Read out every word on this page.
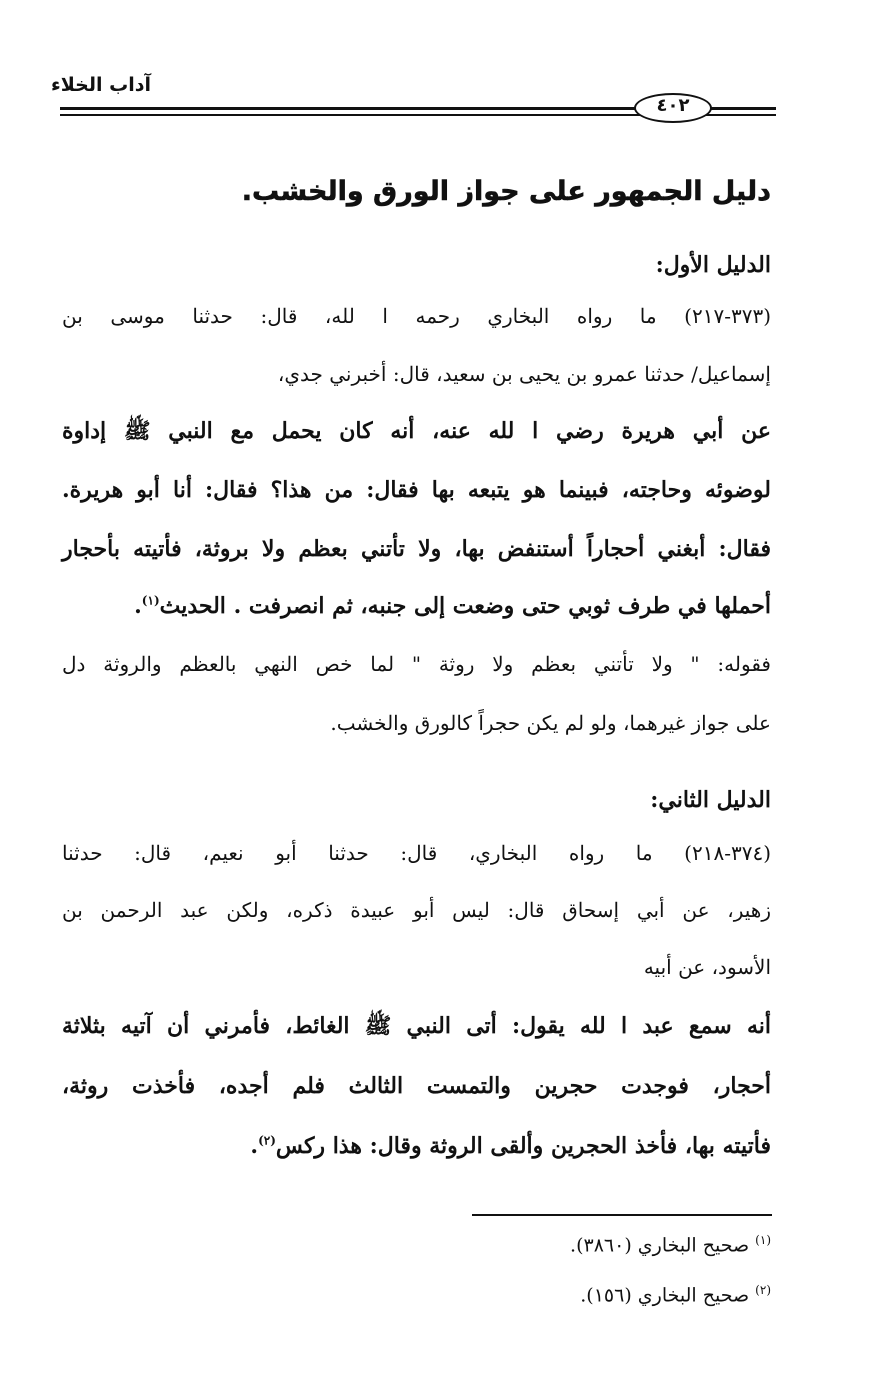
آداب الخلاء
٤٠٢
دليل الجمهور على جواز الورق والخشب.
الدليل الأول:
(٣٧٣-٢١٧) ما رواه البخاري رحمه ا لله، قال: حدثنا موسى بن
إسماعيل/ حدثنا عمرو بن يحيى بن سعيد، قال: أخبرني جدي،
عن أبي هريرة رضي ا لله عنه، أنه كان يحمل مع النبي ﷺ إداوة
لوضوئه وحاجته، فبينما هو يتبعه بها فقال: من هذا؟ فقال: أنا أبو هريرة.
فقال: أبغني أحجاراً أستنفض بها، ولا تأتني بعظم ولا بروثة، فأتيته بأحجار
أحملها في طرف ثوبي حتى وضعت إلى جنبه، ثم انصرفت . الحديث$^{(١)}$.
فقوله: " ولا تأتني بعظم ولا روثة " لما خص النهي بالعظم والروثة دل
على جواز غيرهما، ولو لم يكن حجراً كالورق والخشب.
الدليل الثاني:
(٣٧٤-٢١٨) ما رواه البخاري، قال: حدثنا أبو نعيم، قال: حدثنا
زهير، عن أبي إسحاق قال: ليس أبو عبيدة ذكره، ولكن عبد الرحمن بن
الأسود، عن أبيه
أنه سمع عبد ا لله يقول: أتى النبي ﷺ الغائط، فأمرني أن آتيه بثلاثة
أحجار، فوجدت حجرين والتمست الثالث فلم أجده، فأخذت روثة،
فأتيته بها، فأخذ الحجرين وألقى الروثة وقال: هذا ركس$^{(٢)}$.
$^{(١)}$ صحيح البخاري (٣٨٦٠).
$^{(٢)}$ صحيح البخاري (١٥٦).
